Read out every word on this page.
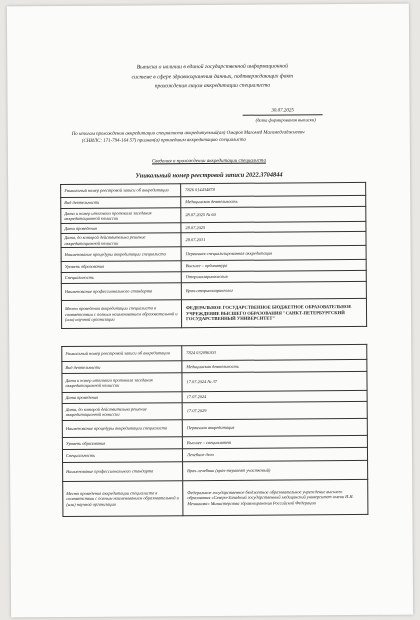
Выписка о наличии в единой государственной информационной
системе в сфере здравоохранения данных, подтверждающих факт
прохождения лицом аккредитации специалиста
30.07.2025
(дата формирования выписки)
По итогам прохождения аккредитации специалиста аккредитуемый(ая) Омаров Магомед Магомедгаджиевич
(СНИЛС: 171-794-164 57) признан(а) прошедшим аккредитацию специалиста
Сведения о прохождении аккредитации специалиста
Уникальный номер реестровой записи 2022.3704844
Уникальный номер реестровой записи об аккредитации	7826 014434878
Вид деятельности	Медицинская деятельность
Дата и номер итогового протокола заседания аккредитационной комиссии	28.07.2025 № 60
Дата проведения	28.07.2025
Дата, до которой действительна решение аккредитационной комиссии	28.07.2031
Наименование процедуры аккредитации специалиста	Первичная специализированная аккредитация
Уровень образования	Высшее – ординатура
Специальность	Оториноларингология
Наименование профессионального стандарта	Врач-оториноларинголог
Место проведения аккредитации специалиста в соответствии с полным наименованием образовательной и (или) научной организации	ФЕДЕРАЛЬНОЕ ГОСУДАРСТВЕННОЕ БЮДЖЕТНОЕ ОБРАЗОВАТЕЛЬНОЕ УЧРЕЖДЕНИЕ ВЫСШЕГО ОБРАЗОВАНИЯ "САНКТ-ПЕТЕРБУРГСКИЙ ГОСУДАРСТВЕННЫЙ УНИВЕРСИТЕТ"
Уникальный номер реестровой записи об аккредитации	7824 032096303
Вид деятельности	Медицинская деятельность
Дата и номер итогового протокола заседания аккредитационной комиссии	17.07.2024 № 37
Дата проведения	17.07.2024
Дата, до которой действительна решение аккредитационной комиссии	17.07.2029
Наименование процедуры аккредитации специалиста	Первичная аккредитация
Уровень образования	Высшее – специалитет
Специальность	Лечебное дело
Наименование профессионального стандарта	Врач-лечебник (врач-терапевт участковый)
Место проведения аккредитации специалиста в соответствии с полным наименованием образовательной и (или) научной организации	Федеральное государственное бюджетное образовательное учреждение высшего образования «Северо-Западный государственный медицинский университет имени И.И. Мечникова» Министерства здравоохранения Российской Федерации
